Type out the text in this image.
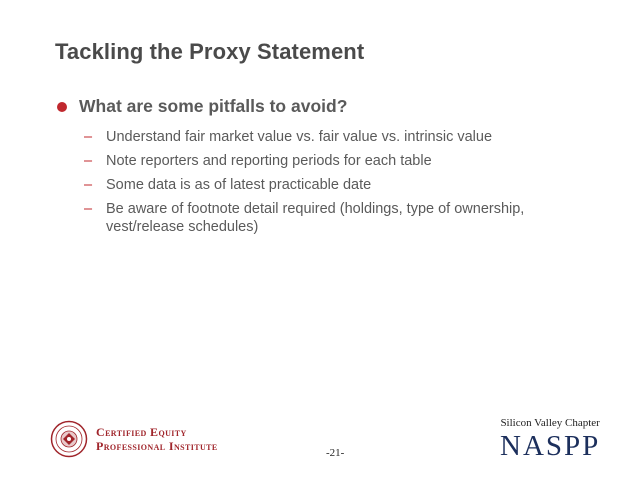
Tackling the Proxy Statement
What are some pitfalls to avoid?
– Understand fair market value vs. fair value vs. intrinsic value
– Note reporters and reporting periods for each table
– Some data is as of latest practicable date
– Be aware of footnote detail required (holdings, type of ownership, vest/release schedules)
Certified Equity
Professional Institute	-21-
Silicon Valley Chapter
NASPP
